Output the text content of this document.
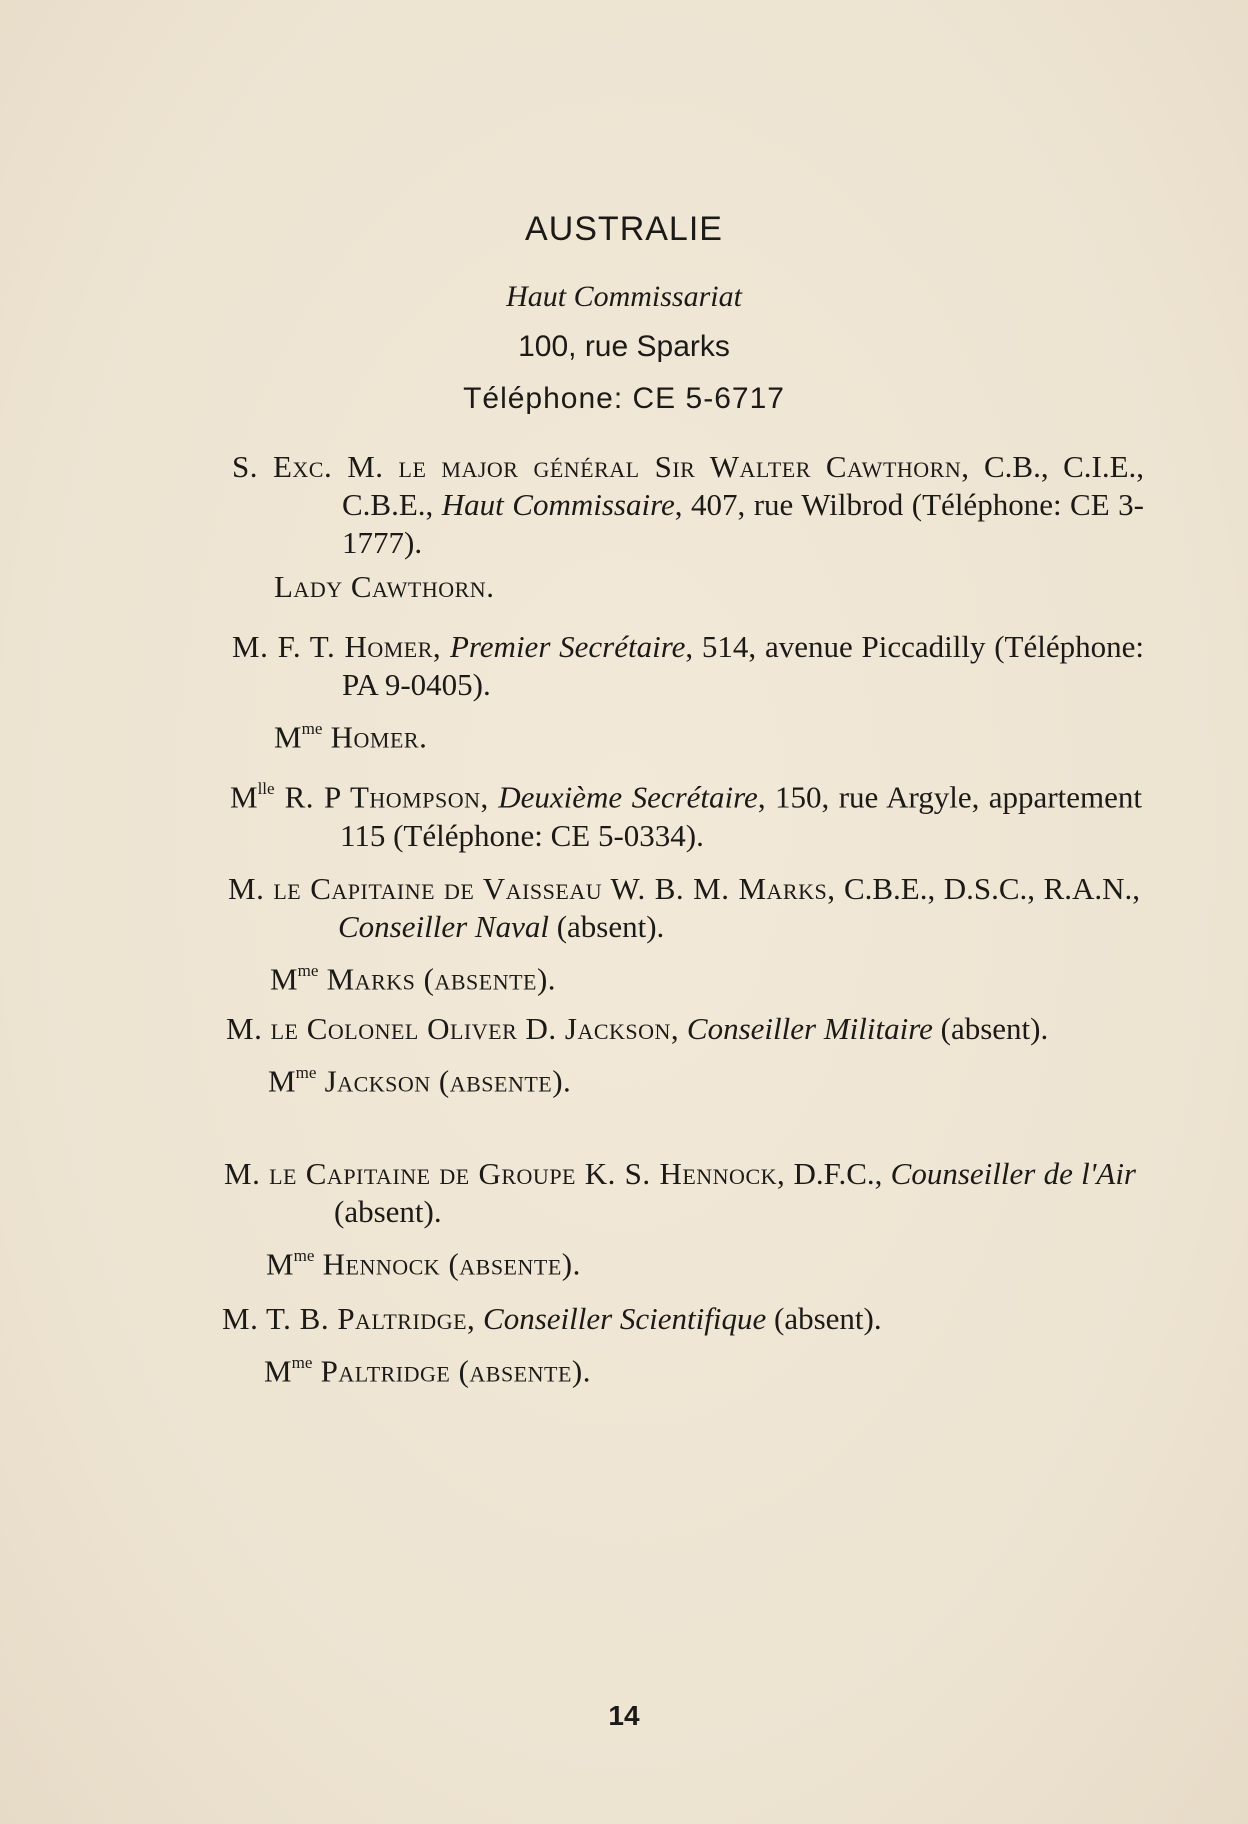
AUSTRALIE
Haut Commissariat
100, rue Sparks
Téléphone: CE 5-6717
S. Exc. M. le major général Sir Walter Cawthorn, C.B., C.I.E., C.B.E., Haut Commissaire, 407, rue Wilbrod (Téléphone: CE 3-1777).
Lady Cawthorn.
M. F. T. Homer, Premier Secrétaire, 514, avenue Piccadilly (Téléphone: PA 9-0405).
$M^{me}$ Homer.
$M^{lle}$ R. P Thompson, Deuxième Secrétaire, 150, rue Argyle, appartement 115 (Téléphone: CE 5-0334).
M. le Capitaine de Vaisseau W. B. M. Marks, C.B.E., D.S.C., R.A.N., Conseiller Naval (absent).
$M^{me}$ Marks (absente).
M. le Colonel Oliver D. Jackson, Conseiller Militaire (absent).
$M^{me}$ Jackson (absente).
M. le Capitaine de Groupe K. S. Hennock, D.F.C., Counseiller de l'Air (absent).
$M^{me}$ Hennock (absente).
M. T. B. Paltridge, Conseiller Scientifique (absent).
$M^{me}$ Paltridge (absente).
14
